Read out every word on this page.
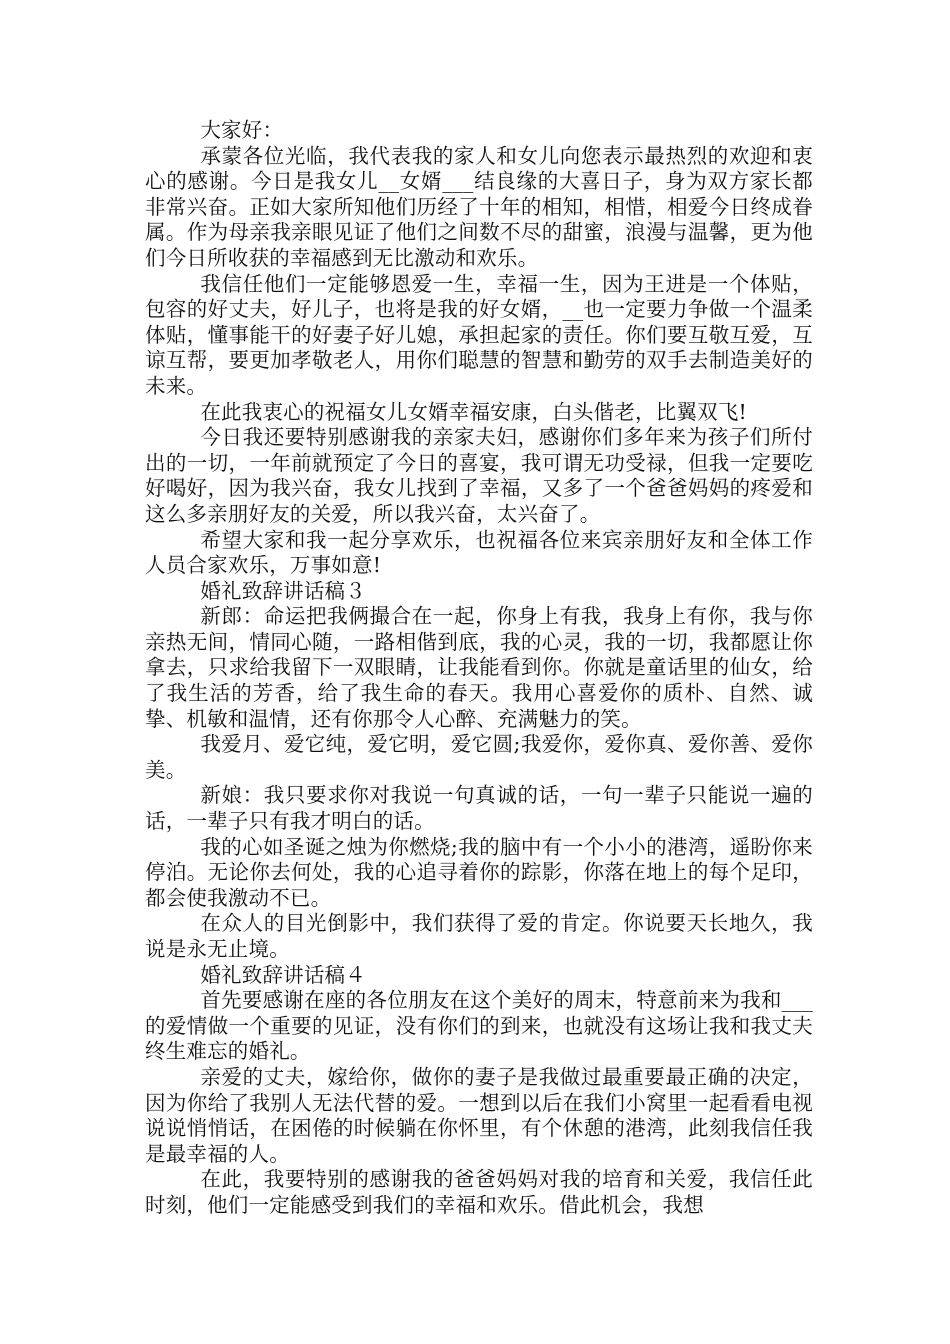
大家好：

承蒙各位光临，我代表我的家人和女儿向您表示最热烈的欢迎和衷心的感谢。今日是我女儿__女婿___结良缘的大喜日子，身为双方家长都非常兴奋。正如大家所知他们历经了十年的相知，相惜，相爱今日终成眷属。作为母亲我亲眼见证了他们之间数不尽的甜蜜，浪漫与温馨，更为他们今日所收获的幸福感到无比激动和欢乐。

我信任他们一定能够恩爱一生，幸福一生，因为王进是一个体贴，包容的好丈夫，好儿子，也将是我的好女婿，__也一定要力争做一个温柔体贴，懂事能干的好妻子好儿媳，承担起家的责任。你们要互敬互爱，互谅互帮，要更加孝敬老人，用你们聪慧的智慧和勤劳的双手去制造美好的未来。

在此我衷心的祝福女儿女婿幸福安康，白头偕老，比翼双飞!

今日我还要特别感谢我的亲家夫妇，感谢你们多年来为孩子们所付出的一切，一年前就预定了今日的喜宴，我可谓无功受禄，但我一定要吃好喝好，因为我兴奋，我女儿找到了幸福，又多了一个爸爸妈妈的疼爱和这么多亲朋好友的关爱，所以我兴奋，太兴奋了。

希望大家和我一起分享欢乐，也祝福各位来宾亲朋好友和全体工作人员合家欢乐，万事如意!

婚礼致辞讲话稿３

新郎：命运把我俩撮合在一起，你身上有我，我身上有你，我与你亲热无间，情同心随，一路相偕到底，我的心灵，我的一切，我都愿让你拿去，只求给我留下一双眼睛，让我能看到你。你就是童话里的仙女，给了我生活的芳香，给了我生命的春天。我用心喜爱你的质朴、自然、诚挚、机敏和温情，还有你那令人心醉、充满魅力的笑。

我爱月、爱它纯，爱它明，爱它圆;我爱你，爱你真、爱你善、爱你美。

新娘：我只要求你对我说一句真诚的话，一句一辈子只能说一遍的话，一辈子只有我才明白的话。

我的心如圣诞之烛为你燃烧;我的脑中有一个小小的港湾，遥盼你来停泊。无论你去何处，我的心追寻着你的踪影，你落在地上的每个足印，都会使我激动不已。

在众人的目光倒影中，我们获得了爱的肯定。你说要天长地久，我说是永无止境。

婚礼致辞讲话稿４

首先要感谢在座的各位朋友在这个美好的周末，特意前来为我和___的爱情做一个重要的见证，没有你们的到来，也就没有这场让我和我丈夫终生难忘的婚礼。

亲爱的丈夫，嫁给你，做你的妻子是我做过最重要最正确的决定，因为你给了我别人无法代替的爱。一想到以后在我们小窝里一起看看电视说说悄悄话，在困倦的时候躺在你怀里，有个休憩的港湾，此刻我信任我是最幸福的人。

在此，我要特别的感谢我的爸爸妈妈对我的培育和关爱，我信任此时刻，他们一定能感受到我们的幸福和欢乐。借此机会，我想
